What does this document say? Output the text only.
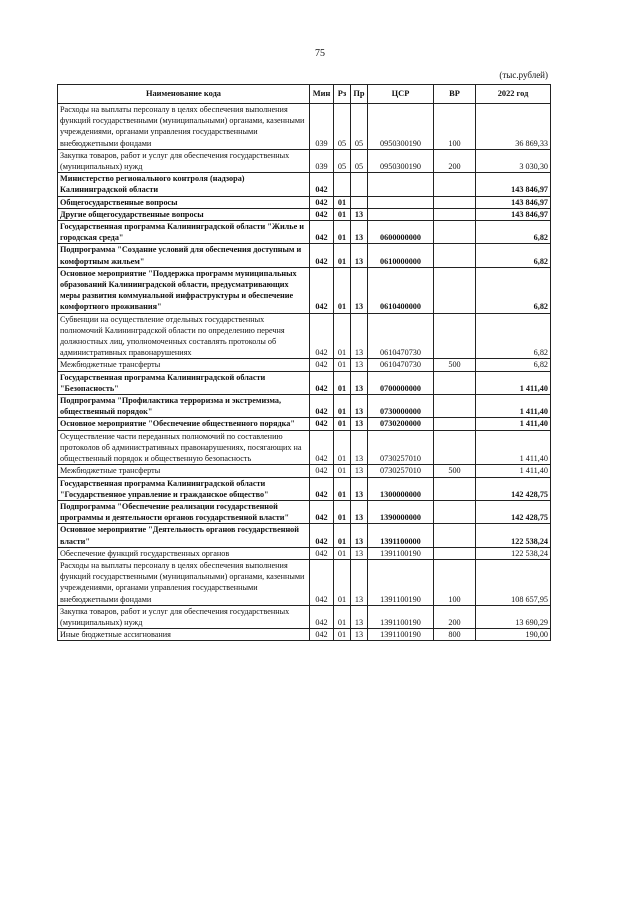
75
(тыс.рублей)
Наименование кода	Мин	Рз	Пр	ЦСР	ВР	2022 год
Расходы на выплаты персоналу в целях обеспечения выполнения функций государственными (муниципальными) органами, казенными учреждениями, органами управления государственными внебюджетными фондами	039	05	05	0950300190	100	36 869,33
Закупка товаров, работ и услуг для обеспечения государственных (муниципальных) нужд	039	05	05	0950300190	200	3 030,30
Министерство регионального контроля (надзора) Калининградской области	042					143 846,97
Общегосударственные вопросы	042	01				143 846,97
Другие общегосударственные вопросы	042	01	13			143 846,97
Государственная программа Калининградской области "Жилье и городская среда"	042	01	13	0600000000		6,82
Подпрограмма "Создание условий для обеспечения доступным и комфортным жильем"	042	01	13	0610000000		6,82
Основное мероприятие "Поддержка программ муниципальных образований Калининградской области, предусматривающих меры развития коммунальной инфраструктуры и обеспечение комфортного проживания"	042	01	13	0610400000		6,82
Субвенции на осуществление отдельных государственных полномочий Калининградской области по определению перечня должностных лиц, уполномоченных составлять протоколы об административных правонарушениях	042	01	13	0610470730		6,82
Межбюджетные трансферты	042	01	13	0610470730	500	6,82
Государственная программа Калининградской области "Безопасность"	042	01	13	0700000000		1 411,40
Подпрограмма "Профилактика терроризма и экстремизма, общественный порядок"	042	01	13	0730000000		1 411,40
Основное мероприятие "Обеспечение общественного порядка"	042	01	13	0730200000		1 411,40
Осуществление части переданных полномочий по составлению протоколов об административных правонарушениях, посягающих на общественный порядок и общественную безопасность	042	01	13	0730257010		1 411,40
Межбюджетные трансферты	042	01	13	0730257010	500	1 411,40
Государственная программа Калининградской области "Государственное управление и гражданское общество"	042	01	13	1300000000		142 428,75
Подпрограмма "Обеспечение реализации государственной программы и деятельности органов государственной власти"	042	01	13	1390000000		142 428,75
Основное мероприятие "Деятельность органов государственной власти"	042	01	13	1391100000		122 538,24
Обеспечение функций государственных органов	042	01	13	1391100190		122 538,24
Расходы на выплаты персоналу в целях обеспечения выполнения функций государственными (муниципальными) органами, казенными учреждениями, органами управления государственными внебюджетными фондами	042	01	13	1391100190	100	108 657,95
Закупка товаров, работ и услуг для обеспечения государственных (муниципальных) нужд	042	01	13	1391100190	200	13 690,29
Иные бюджетные ассигнования	042	01	13	1391100190	800	190,00
